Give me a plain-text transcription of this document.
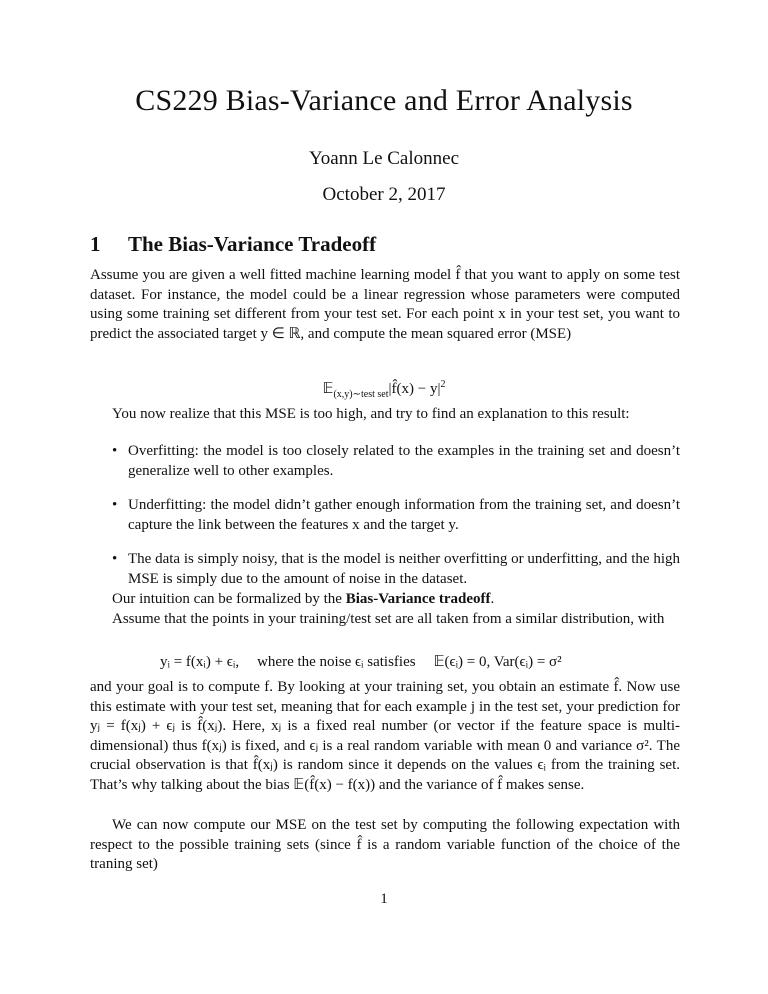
CS229 Bias-Variance and Error Analysis
Yoann Le Calonnec
October 2, 2017
1 The Bias-Variance Tradeoff
Assume you are given a well fitted machine learning model f̂ that you want to apply on some test dataset. For instance, the model could be a linear regression whose parameters were computed using some training set different from your test set. For each point x in your test set, you want to predict the associated target y ∈ ℝ, and compute the mean squared error (MSE)
𝔼$_{(x,y)\sim test set}$|f̂(x) − $y|^2$
You now realize that this MSE is too high, and try to find an explanation to this result:
• Overfitting: the model is too closely related to the examples in the training set and doesn’t generalize well to other examples.
• Underfitting: the model didn’t gather enough information from the training set, and doesn’t capture the link between the features x and the target y.
• The data is simply noisy, that is the model is neither overfitting or underfitting, and the high MSE is simply due to the amount of noise in the dataset.
Our intuition can be formalized by the Bias-Variance tradeoff.
Assume that the points in your training/test set are all taken from a similar distribution, with
yᵢ = f(xᵢ) + ϵᵢ, where the noise ϵᵢ satisfies 𝔼(ϵᵢ) = 0, Var(ϵᵢ) = σ²
and your goal is to compute f. By looking at your training set, you obtain an estimate f̂. Now use this estimate with your test set, meaning that for each example j in the test set, your prediction for yⱼ = f(xⱼ) + ϵⱼ is f̂(xⱼ). Here, xⱼ is a fixed real number (or vector if the feature space is multi-dimensional) thus f(xⱼ) is fixed, and ϵⱼ is a real random variable with mean 0 and variance σ². The crucial observation is that f̂(xⱼ) is random since it depends on the values ϵᵢ from the training set. That’s why talking about the bias 𝔼(f̂(x) − f(x)) and the variance of f̂ makes sense.
We can now compute our MSE on the test set by computing the following expectation with respect to the possible training sets (since f̂ is a random variable function of the choice of the traning set)
1
